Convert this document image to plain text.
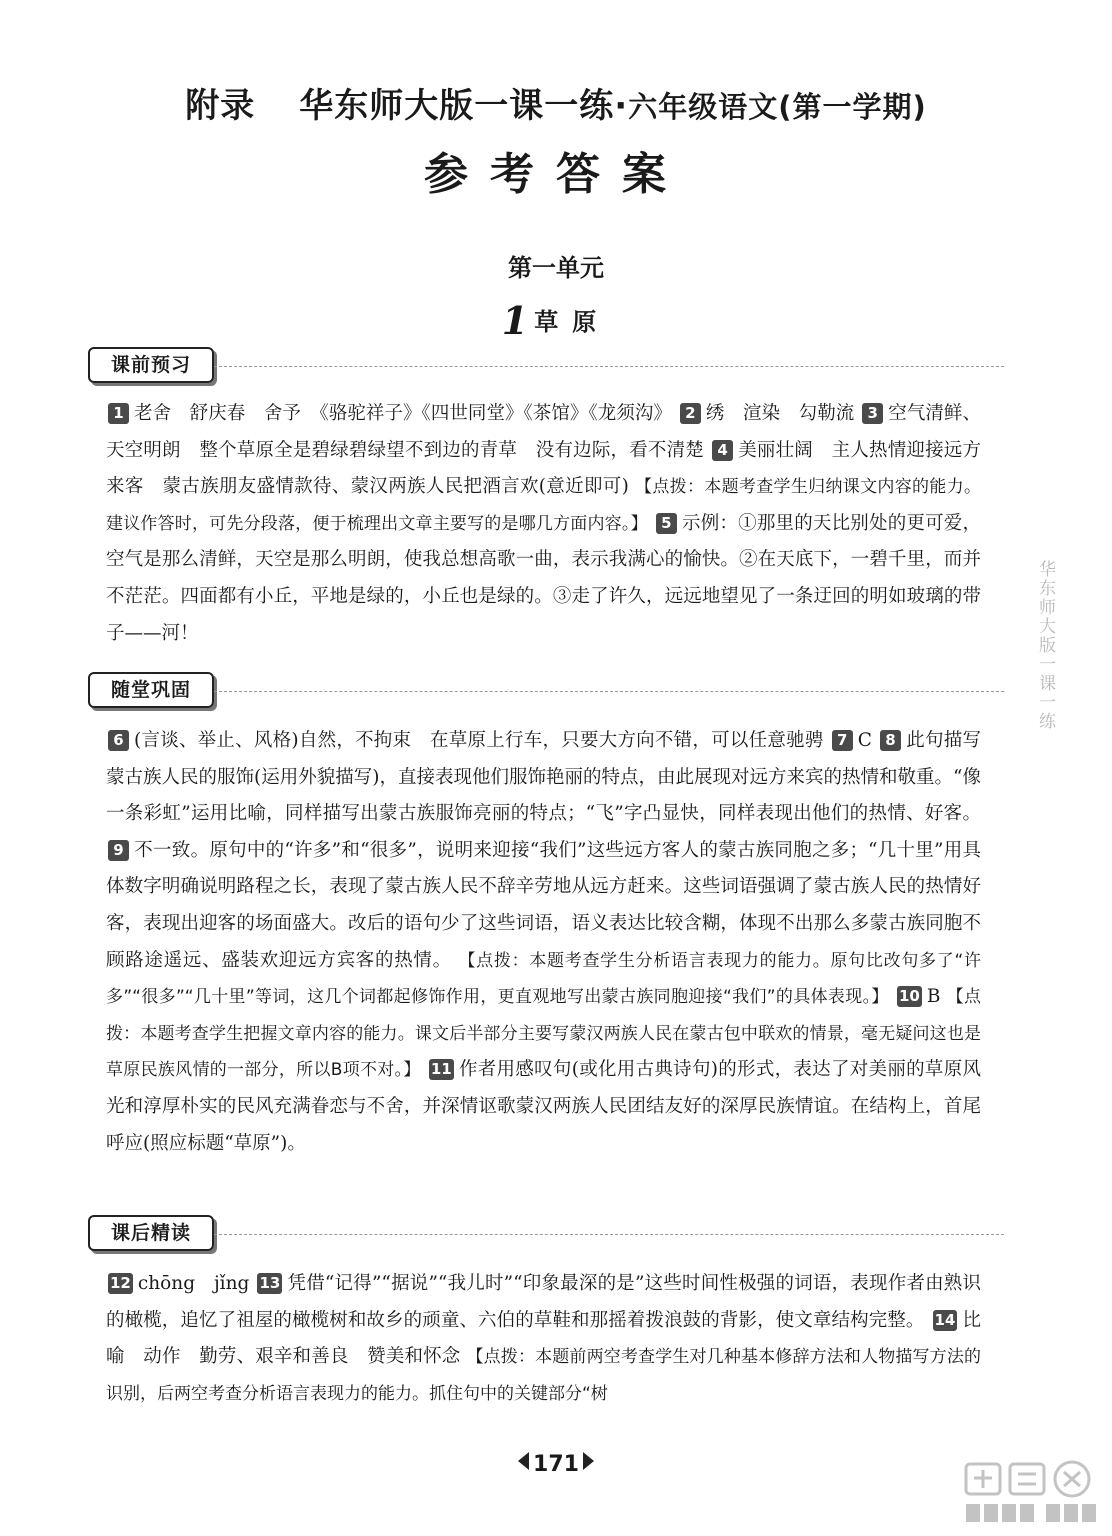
附录 华东师大版一课一练·六年级语文(第一学期)
参考答案
第一单元
1 草原
课前预习
1 老舍　舒庆春　舍予　《骆驼祥子》《四世同堂》《茶馆》《龙须沟》 2 绣　渲染　勾勒流 3 空气清鲜、天空明朗　整个草原全是碧绿碧绿望不到边的青草　没有边际，看不清楚 4 美丽壮阔　主人热情迎接远方来客　蒙古族朋友盛情款待、蒙汉两族人民把酒言欢(意近即可) 【点拨：本题考查学生归纳课文内容的能力。建议作答时，可先分段落，便于梳理出文章主要写的是哪几方面内容。】 5 示例：①那里的天比别处的更可爱，空气是那么清鲜，天空是那么明朗，使我总想高歌一曲，表示我满心的愉快。②在天底下，一碧千里，而并不茫茫。四面都有小丘，平地是绿的，小丘也是绿的。③走了许久，远远地望见了一条迂回的明如玻璃的带子——河！
随堂巩固
6 (言谈、举止、风格)自然，不拘束　在草原上行车，只要大方向不错，可以任意驰骋 7 C 8 此句描写蒙古族人民的服饰(运用外貌描写)，直接表现他们服饰艳丽的特点，由此展现对远方来宾的热情和敬重。“像一条彩虹”运用比喻，同样描写出蒙古族服饰亮丽的特点；“飞”字凸显快，同样表现出他们的热情、好客。 9 不一致。原句中的“许多”和“很多”，说明来迎接“我们”这些远方客人的蒙古族同胞之多；“几十里”用具体数字明确说明路程之长，表现了蒙古族人民不辞辛劳地从远方赶来。这些词语强调了蒙古族人民的热情好客，表现出迎客的场面盛大。改后的语句少了这些词语，语义表达比较含糊，体现不出那么多蒙古族同胞不顾路途遥远、盛装欢迎远方宾客的热情。 【点拨：本题考查学生分析语言表现力的能力。原句比改句多了“许多”“很多”“几十里”等词，这几个词都起修饰作用，更直观地写出蒙古族同胞迎接“我们”的具体表现。】 10 B 【点拨：本题考查学生把握文章内容的能力。课文后半部分主要写蒙汉两族人民在蒙古包中联欢的情景，毫无疑问这也是草原民族风情的一部分，所以B项不对。】 11 作者用感叹句(或化用古典诗句)的形式，表达了对美丽的草原风光和淳厚朴实的民风充满眷恋与不舍，并深情讴歌蒙汉两族人民团结友好的深厚民族情谊。在结构上，首尾呼应(照应标题“草原”)。
课后精读
12 chōng　jǐng 13 凭借“记得”“据说”“我儿时”“印象最深的是”这些时间性极强的词语，表现作者由熟识的橄榄，追忆了祖屋的橄榄树和故乡的顽童、六伯的草鞋和那摇着拨浪鼓的背影，使文章结构完整。 14 比喻　动作　勤劳、艰辛和善良　赞美和怀念 【点拨：本题前两空考查学生对几种基本修辞方法和人物描写方法的识别，后两空考查分析语言表现力的能力。抓住句中的关键部分“树
华东师大版一课一练
171
